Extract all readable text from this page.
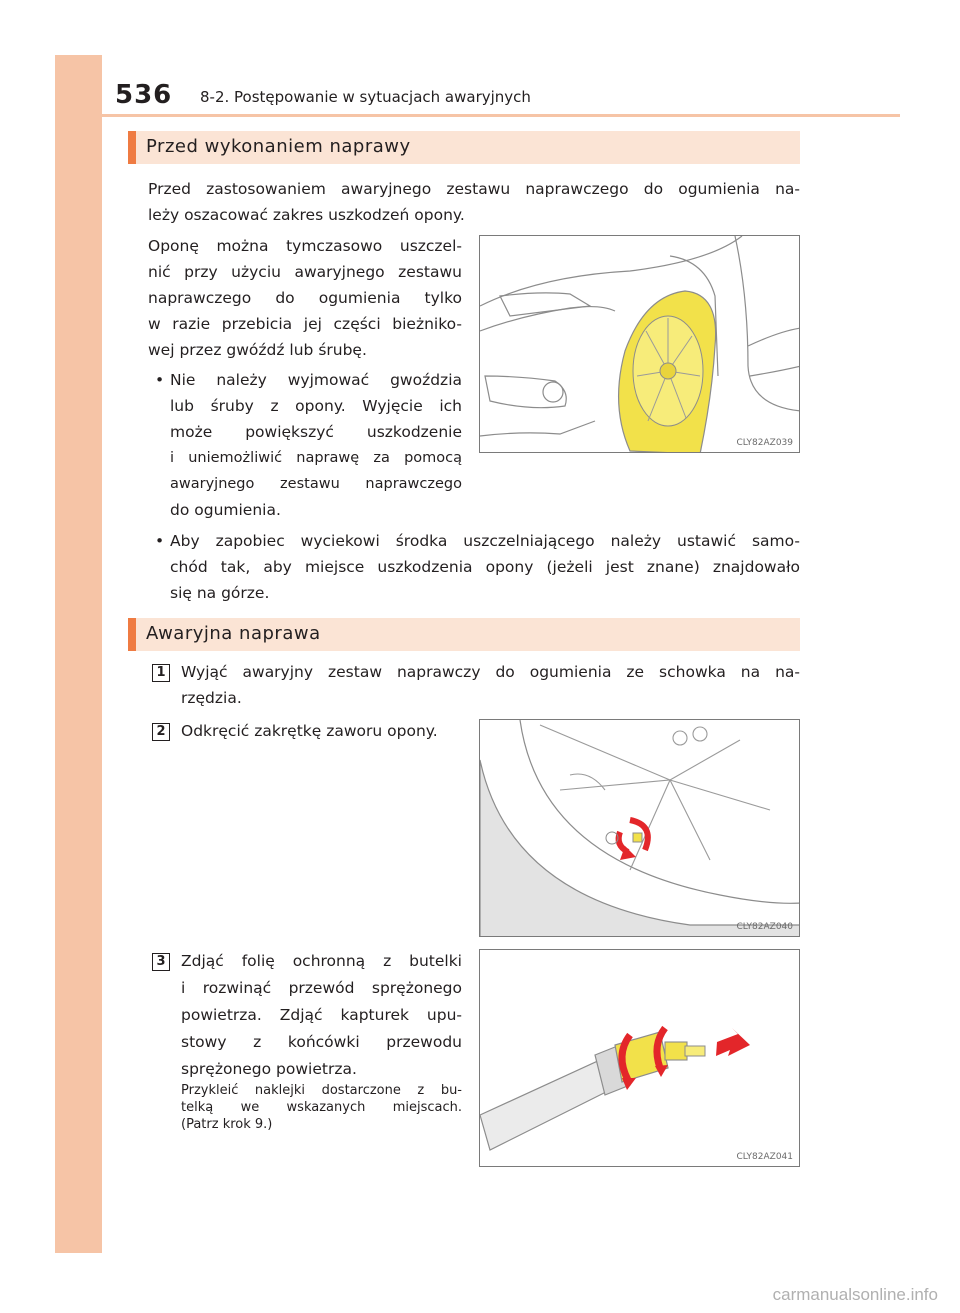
536 8-2. Postępowanie w sytuacjach awaryjnych
Przed wykonaniem naprawy
Przed zastosowaniem awaryjnego zestawu naprawczego do ogumienia na-
leży oszacować zakres uszkodzeń opony.
Oponę można tymczasowo uszczel-
nić przy użyciu awaryjnego zestawu
naprawczego do ogumienia tylko
w razie przebicia jej części bieżniko-
wej przez gwóźdź lub śrubę.
• Nie należy wyjmować gwoździa
lub śruby z opony. Wyjęcie ich
może powiększyć uszkodzenie
i uniemożliwić naprawę za pomocą
awaryjnego zestawu naprawczego
do ogumienia.
• Aby zapobiec wyciekowi środka uszczelniającego należy ustawić samo-
chód tak, aby miejsce uszkodzenia opony (jeżeli jest znane) znajdowało
się na górze.
CLY82AZ039
Awaryjna naprawa
1 Wyjąć awaryjny zestaw naprawczy do ogumienia ze schowka na na-
rzędzia.
2 Odkręcić zakrętkę zaworu opony.
CLY82AZ040
3 Zdjąć folię ochronną z butelki
i rozwinąć przewód sprężonego
powietrza. Zdjąć kapturek upu-
stowy z końcówki przewodu
sprężonego powietrza.
Przykleić naklejki dostarczone z bu-
telką we wskazanych miejscach.
(Patrz krok 9.)
CLY82AZ041
carmanualsonline.info
